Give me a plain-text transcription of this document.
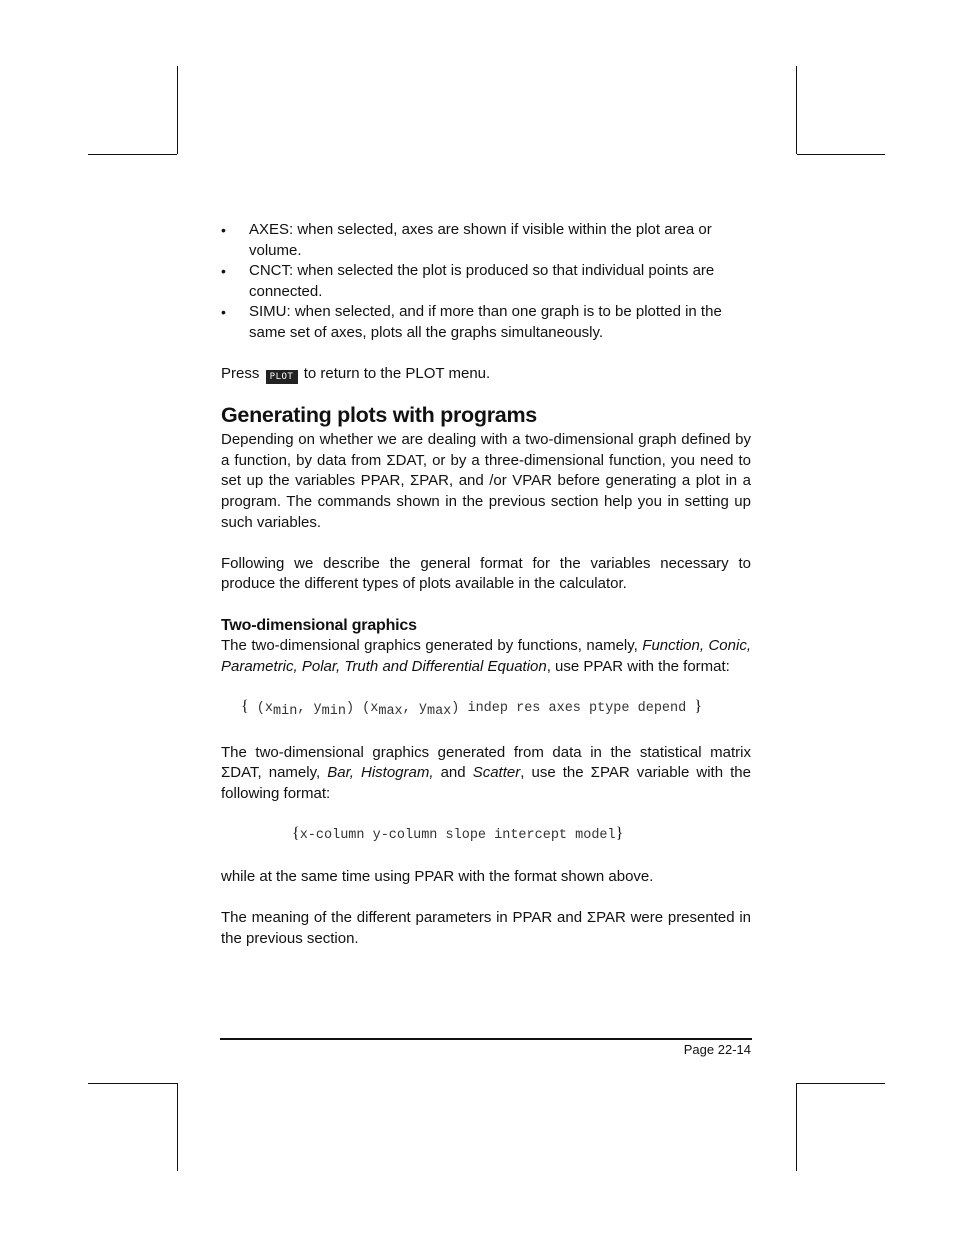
• AXES: when selected, axes are shown if visible within the plot area or volume.
• CNCT: when selected the plot is produced so that individual points are connected.
• SIMU: when selected, and if more than one graph is to be plotted in the same set of axes, plots all the graphs simultaneously.

Press PLOT to return to the PLOT menu.

Generating plots with programs

Depending on whether we are dealing with a two-dimensional graph defined by a function, by data from ΣDAT, or by a three-dimensional function, you need to set up the variables PPAR, ΣPAR, and /or VPAR before generating a plot in a program. The commands shown in the previous section help you in setting up such variables.

Following we describe the general format for the variables necessary to produce the different types of plots available in the calculator.

Two-dimensional graphics

The two-dimensional graphics generated by functions, namely, Function, Conic, Parametric, Polar, Truth and Differential Equation, use PPAR with the format:

{ ($x_{min}$, $y_{min}$) ($x_{max}$, $y_{max}$) indep res axes ptype depend }

The two-dimensional graphics generated from data in the statistical matrix ΣDAT, namely, Bar, Histogram, and Scatter, use the ΣPAR variable with the following format:

{x-column y-column slope intercept model}

while at the same time using PPAR with the format shown above.

The meaning of the different parameters in PPAR and ΣPAR were presented in the previous section.

Page 22-14
